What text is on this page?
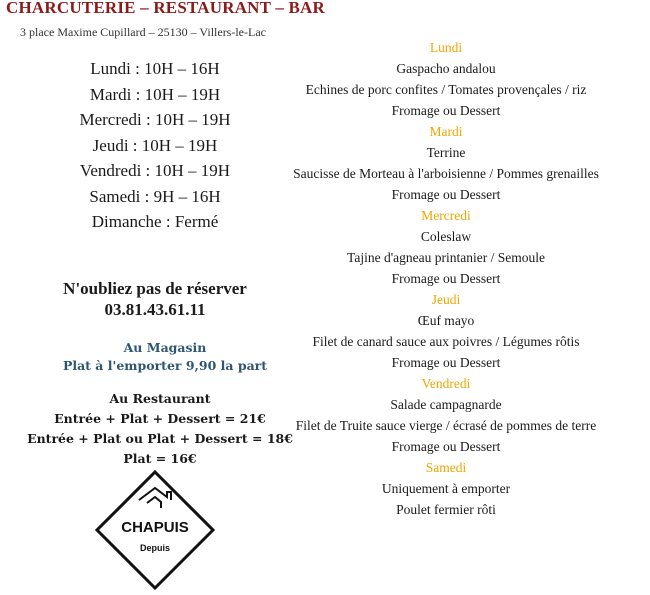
CHARCUTERIE – RESTAURANT – BAR
3 place Maxime Cupillard – 25130 – Villers-le-Lac
Lundi : 10H – 16H
Mardi : 10H – 19H
Mercredi : 10H – 19H
Jeudi : 10H – 19H
Vendredi : 10H – 19H
Samedi : 9H – 16H
Dimanche : Fermé
N'oubliez pas de réserver
03.81.43.61.11
Au Magasin
Plat à l'emporter 9,90 la part
Au Restaurant
Entrée + Plat + Dessert = 21€
Entrée + Plat ou Plat + Dessert = 18€
Plat = 16€
CHAPUIS
Depuis
Lundi
Gaspacho andalou
Echines de porc confites / Tomates provençales / riz
Fromage ou Dessert
Mardi
Terrine
Saucisse de Morteau à l'arboisienne / Pommes grenailles
Fromage ou Dessert
Mercredi
Coleslaw
Tajine d'agneau printanier / Semoule
Fromage ou Dessert
Jeudi
Œuf mayo
Filet de canard sauce aux poivres / Légumes rôtis
Fromage ou Dessert
Vendredi
Salade campagnarde
Filet de Truite sauce vierge / écrasé de pommes de terre
Fromage ou Dessert
Samedi
Uniquement à emporter
Poulet fermier rôti
